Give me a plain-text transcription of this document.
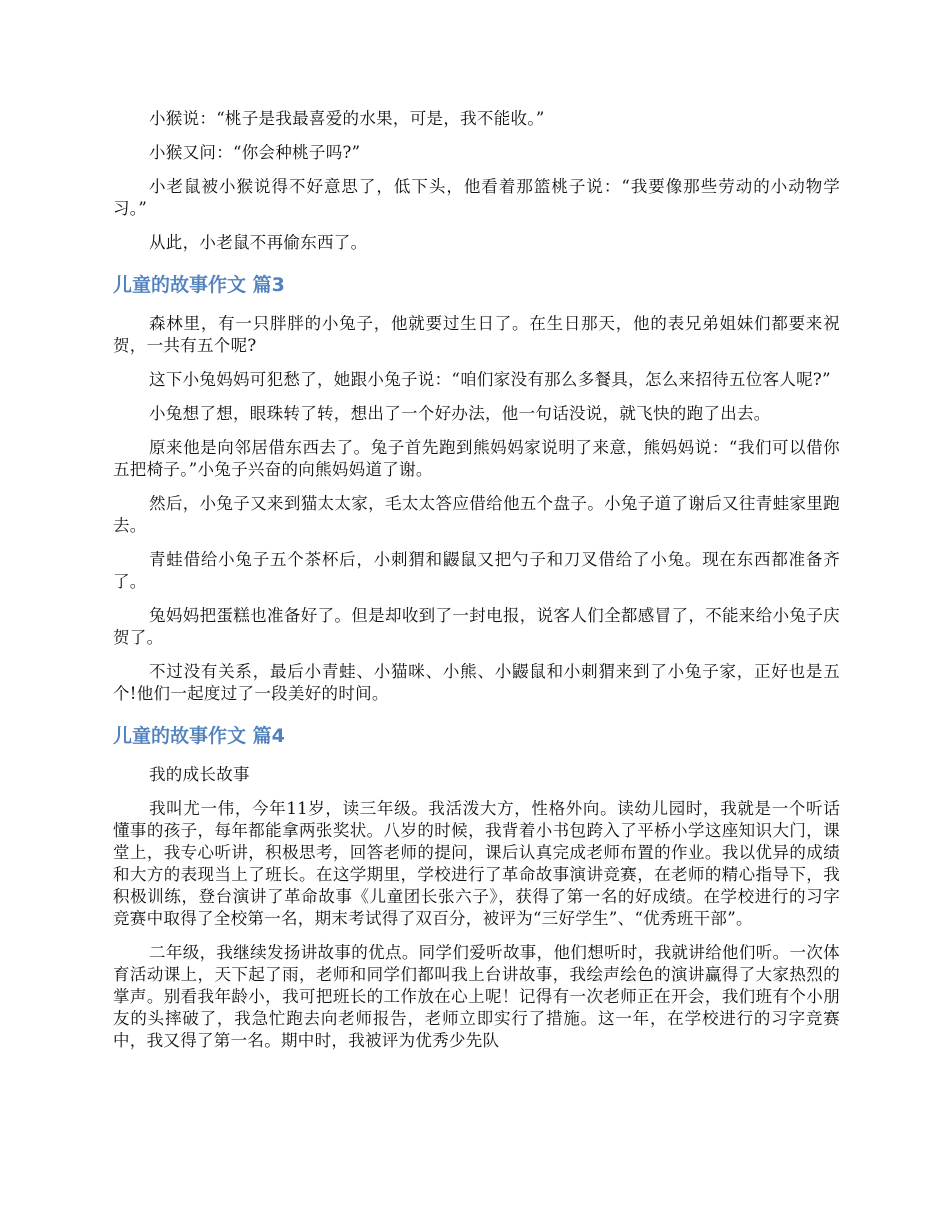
小猴说：“桃子是我最喜爱的水果，可是，我不能收。”

小猴又问：“你会种桃子吗?”

小老鼠被小猴说得不好意思了，低下头，他看着那篮桃子说：“我要像那些劳动的小动物学习。”

从此，小老鼠不再偷东西了。

儿童的故事作文 篇3

森林里，有一只胖胖的小兔子，他就要过生日了。在生日那天，他的表兄弟姐妹们都要来祝贺，一共有五个呢?

这下小兔妈妈可犯愁了，她跟小兔子说：“咱们家没有那么多餐具，怎么来招待五位客人呢?”

小兔想了想，眼珠转了转，想出了一个好办法，他一句话没说，就飞快的跑了出去。

原来他是向邻居借东西去了。兔子首先跑到熊妈妈家说明了来意，熊妈妈说：“我们可以借你五把椅子。”小兔子兴奋的向熊妈妈道了谢。

然后，小兔子又来到猫太太家，毛太太答应借给他五个盘子。小兔子道了谢后又往青蛙家里跑去。

青蛙借给小兔子五个茶杯后，小刺猬和鼹鼠又把勺子和刀叉借给了小兔。现在东西都准备齐了。

兔妈妈把蛋糕也准备好了。但是却收到了一封电报，说客人们全都感冒了，不能来给小兔子庆贺了。

不过没有关系，最后小青蛙、小猫咪、小熊、小鼹鼠和小刺猬来到了小兔子家，正好也是五个!他们一起度过了一段美好的时间。

儿童的故事作文 篇4

我的成长故事

我叫尤一伟，今年11岁，读三年级。我活泼大方，性格外向。读幼儿园时，我就是一个听话懂事的孩子，每年都能拿两张奖状。八岁的时候，我背着小书包跨入了平桥小学这座知识大门，课堂上，我专心听讲，积极思考，回答老师的提问，课后认真完成老师布置的作业。我以优异的成绩和大方的表现当上了班长。在这学期里，学校进行了革命故事演讲竞赛，在老师的精心指导下，我积极训练，登台演讲了革命故事《儿童团长张六子》，获得了第一名的好成绩。在学校进行的习字竞赛中取得了全校第一名，期末考试得了双百分，被评为“三好学生”、“优秀班干部”。

二年级，我继续发扬讲故事的优点。同学们爱听故事，他们想听时，我就讲给他们听。一次体育活动课上，天下起了雨，老师和同学们都叫我上台讲故事，我绘声绘色的演讲赢得了大家热烈的掌声。别看我年龄小，我可把班长的工作放在心上呢！记得有一次老师正在开会，我们班有个小朋友的头摔破了，我急忙跑去向老师报告，老师立即实行了措施。这一年，在学校进行的习字竞赛中，我又得了第一名。期中时，我被评为优秀少先队
